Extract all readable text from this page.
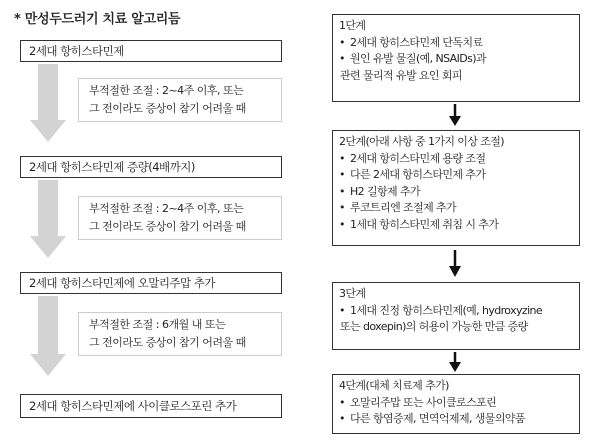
* 만성두드러기 치료 알고리듬
2세대 항히스타민제
부적절한 조절 : 2~4주 이후, 또는
그 전이라도 증상이 참기 어려울 때
2세대 항히스타민제 증량(4배까지)
부적절한 조절 : 2~4주 이후, 또는
그 전이라도 증상이 참기 어려울 때
2세대 항히스타민제에 오말리주맙 추가
부적절한 조절 : 6개월 내 또는
그 전이라도 증상이 참기 어려울 때
2세대 항히스타민제에 사이클로스포린 추가
1단계
• 2세대 항히스타민제 단독치료
• 원인 유발 물질(예, NSAIDs)과
관련 물리적 유발 요인 회피
2단계(아래 사항 중 1가지 이상 조절)
• 2세대 항히스타민제 용량 조절
• 다른 2세대 항히스타민제 추가
• H2 길항제 추가
• 루코트리엔 조절제 추가
• 1세대 항히스타민제 취침 시 추가
3단계
• 1세대 진정 항히스타민제(예, hydroxyzine
또는 doxepin)의 허용이 가능한 만큼 증량
4단계(대체 치료제 추가)
• 오말리주맙 또는 사이클로스포린
• 다른 항염증제, 면역억제제, 생물의약품
